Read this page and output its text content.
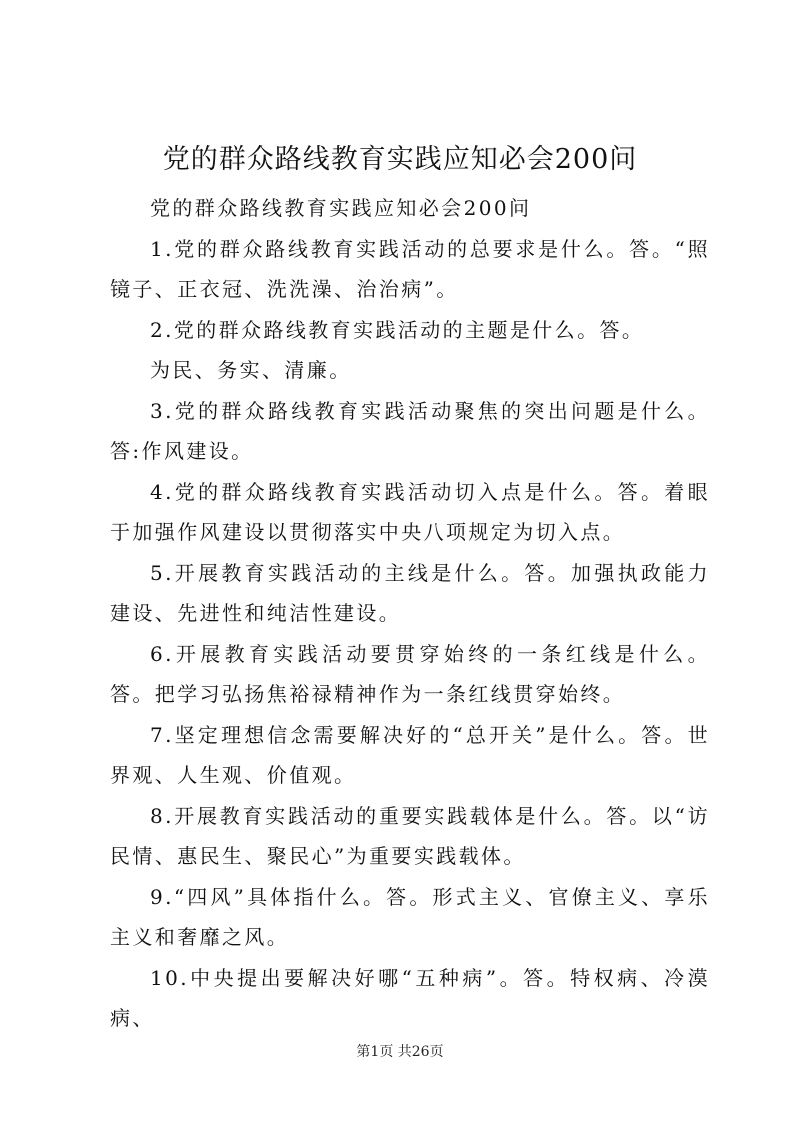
党的群众路线教育实践应知必会200问

党的群众路线教育实践应知必会200问

1.党的群众路线教育实践活动的总要求是什么。答。“照镜子、正衣冠、洗洗澡、治治病”。

2.党的群众路线教育实践活动的主题是什么。答。

为民、务实、清廉。

3.党的群众路线教育实践活动聚焦的突出问题是什么。答:作风建设。

4.党的群众路线教育实践活动切入点是什么。答。着眼于加强作风建设以贯彻落实中央八项规定为切入点。

5.开展教育实践活动的主线是什么。答。加强执政能力建设、先进性和纯洁性建设。

6.开展教育实践活动要贯穿始终的一条红线是什么。答。把学习弘扬焦裕禄精神作为一条红线贯穿始终。

7.坚定理想信念需要解决好的“总开关”是什么。答。世界观、人生观、价值观。

8.开展教育实践活动的重要实践载体是什么。答。以“访民情、惠民生、聚民心”为重要实践载体。

9.“四风”具体指什么。答。形式主义、官僚主义、享乐主义和奢靡之风。

10.中央提出要解决好哪“五种病”。答。特权病、冷漠病、

第1页 共26页
